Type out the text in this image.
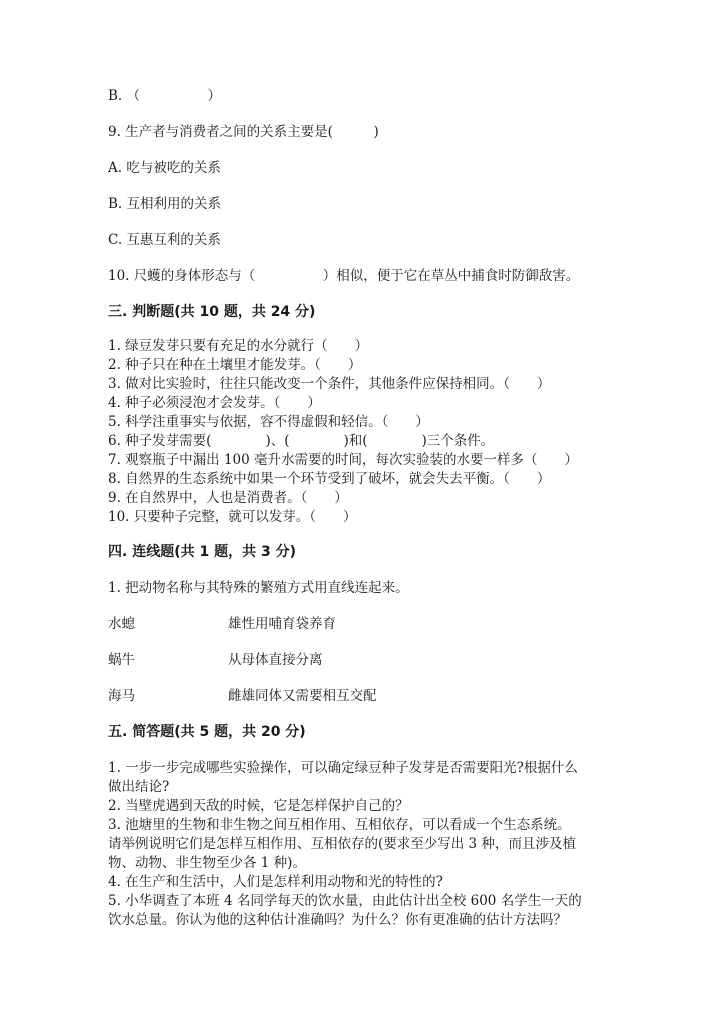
B. （　　　　　）
9. 生产者与消费者之间的关系主要是(　　　)
A. 吃与被吃的关系
B. 互相利用的关系
C. 互惠互利的关系
10. 尺蠖的身体形态与（　　　　　）相似，便于它在草丛中捕食时防御敌害。
三. 判断题(共 10 题，共 24 分)
1. 绿豆发芽只要有充足的水分就行（　　）
2. 种子只在种在土壤里才能发芽。（　　）
3. 做对比实验时，往往只能改变一个条件，其他条件应保持相同。（　　）
4. 种子必须浸泡才会发芽。（　　）
5. 科学注重事实与依据，容不得虚假和轻信。（　　）
6. 种子发芽需要(　　　　)、(　　　　)和(　　　　)三个条件。
7. 观察瓶子中漏出 100 毫升水需要的时间，每次实验装的水要一样多（　　）
8. 自然界的生态系统中如果一个环节受到了破坏，就会失去平衡。（　　）
9. 在自然界中，人也是消费者。（　　）
10. 只要种子完整，就可以发芽。（　　）
四. 连线题(共 1 题，共 3 分)
1. 把动物名称与其特殊的繁殖方式用直线连起来。
水螅	雄性用哺育袋养育
蜗牛	从母体直接分离
海马	雌雄同体又需要相互交配
五. 简答题(共 5 题，共 20 分)
1. 一步一步完成哪些实验操作，可以确定绿豆种子发芽是否需要阳光?根据什么
做出结论?
2. 当壁虎遇到天敌的时候，它是怎样保护自己的？
3. 池塘里的生物和非生物之间互相作用、互相依存，可以看成一个生态系统。
请举例说明它们是怎样互相作用、互相依存的(要求至少写出 3 种，而且涉及植
物、动物、非生物至少各 1 种)。
4. 在生产和生活中，人们是怎样利用动物和光的特性的?
5. 小华调查了本班 4 名同学每天的饮水量，由此估计出全校 600 名学生一天的
饮水总量。你认为他的这种估计准确吗？为什么？你有更准确的估计方法吗？
